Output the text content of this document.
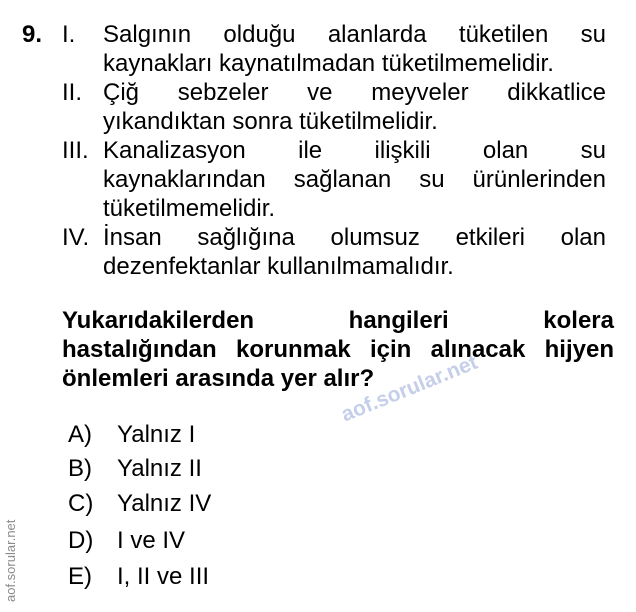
9. I. Salgının olduğu alanlarda tüketilen su
kaynakları kaynatılmadan tüketilmemelidir.
II. Çiğ sebzeler ve meyveler dikkatlice
yıkandıktan sonra tüketilmelidir.
III. Kanalizasyon ile ilişkili olan su
kaynaklarından sağlanan su ürünlerinden
tüketilmemelidir.
IV. İnsan sağlığına olumsuz etkileri olan
dezenfektanlar kullanılmamalıdır.
Yukarıdakilerden hangileri kolera
hastalığından korunmak için alınacak hijyen
önlemleri arasında yer alır?
A) Yalnız I
B) Yalnız II
C) Yalnız IV
D) I ve IV
E) I, II ve III
aof.sorular.net
aof.sorular.net
